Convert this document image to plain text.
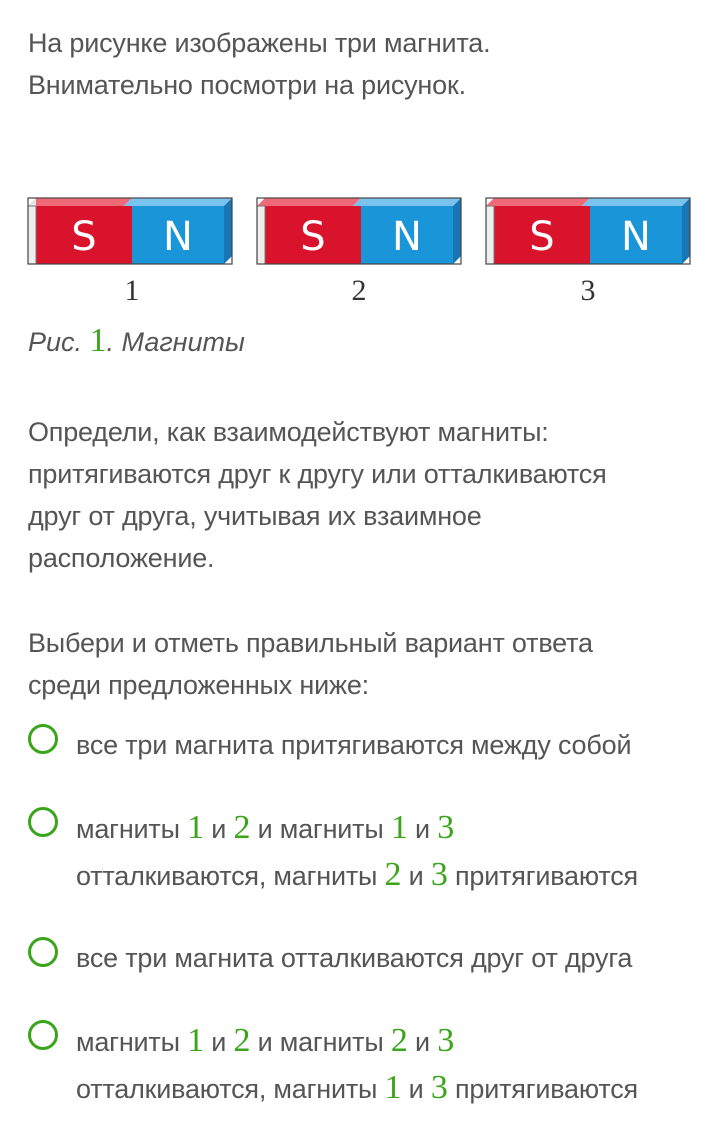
На рисунке изображены три магнита.
Внимательно посмотри на рисунок.
S N
1
S N
2
S N
3
Рис. 1. Магниты
Определи, как взаимодействуют магниты:
притягиваются друг к другу или отталкиваются
друг от друга, учитывая их взаимное
расположение.
Выбери и отметь правильный вариант ответа
среди предложенных ниже:
все три магнита притягиваются между собой
магниты 1 и 2 и магниты 1 и 3
отталкиваются, магниты 2 и 3 притягиваются
все три магнита отталкиваются друг от друга
магниты 1 и 2 и магниты 2 и 3
отталкиваются, магниты 1 и 3 притягиваются
